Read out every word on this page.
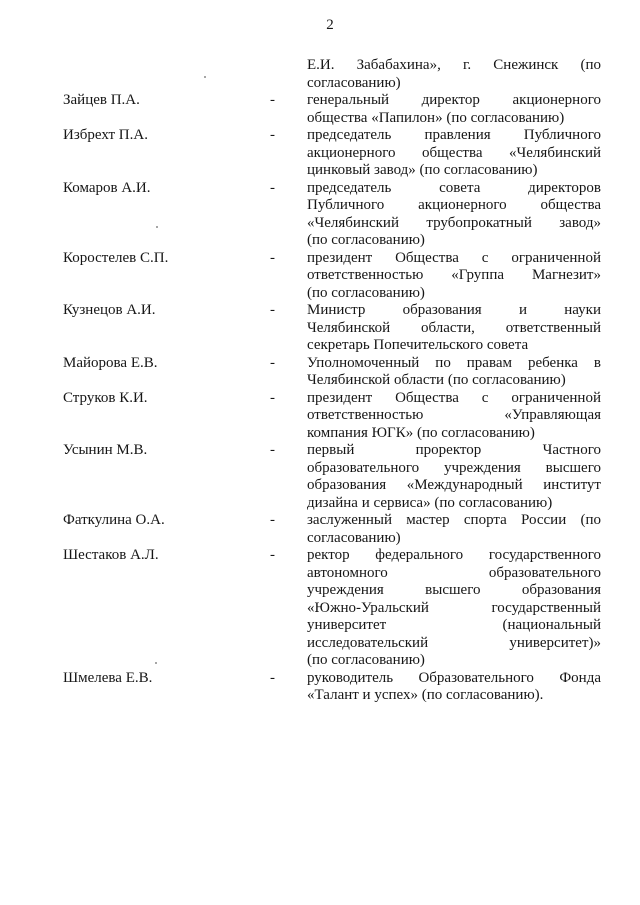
2
Е.И. Забабахина», г. Снежинск (по
согласованию)
Зайцев П.А.	-	генеральный директор акционерного
общества «Папилон» (по согласованию)
Избрехт П.А.	-	председатель правления Публичного
акционерного общества «Челябинский
цинковый завод» (по согласованию)
Комаров А.И.	-	председатель совета директоров
Публичного акционерного общества
«Челябинский трубопрокатный завод»
(по согласованию)
Коростелев С.П.	-	президент Общества с ограниченной
ответственностью «Группа Магнезит»
(по согласованию)
Кузнецов А.И.	-	Министр образования и науки
Челябинской области, ответственный
секретарь Попечительского совета
Майорова Е.В.	-	Уполномоченный по правам ребенка в
Челябинской области (по согласованию)
Струков К.И.	-	президент Общества с ограниченной
ответственностью «Управляющая
компания ЮГК» (по согласованию)
Усынин М.В.	-	первый проректор Частного
образовательного учреждения высшего
образования «Международный институт
дизайна и сервиса» (по согласованию)
Фаткулина О.А.	-	заслуженный мастер спорта России (по
согласованию)
Шестаков А.Л.	-	ректор федерального государственного
автономного образовательного
учреждения высшего образования
«Южно-Уральский государственный
университет (национальный
исследовательский университет)»
(по согласованию)
Шмелева Е.В.	-	руководитель Образовательного Фонда
«Талант и успех» (по согласованию).
